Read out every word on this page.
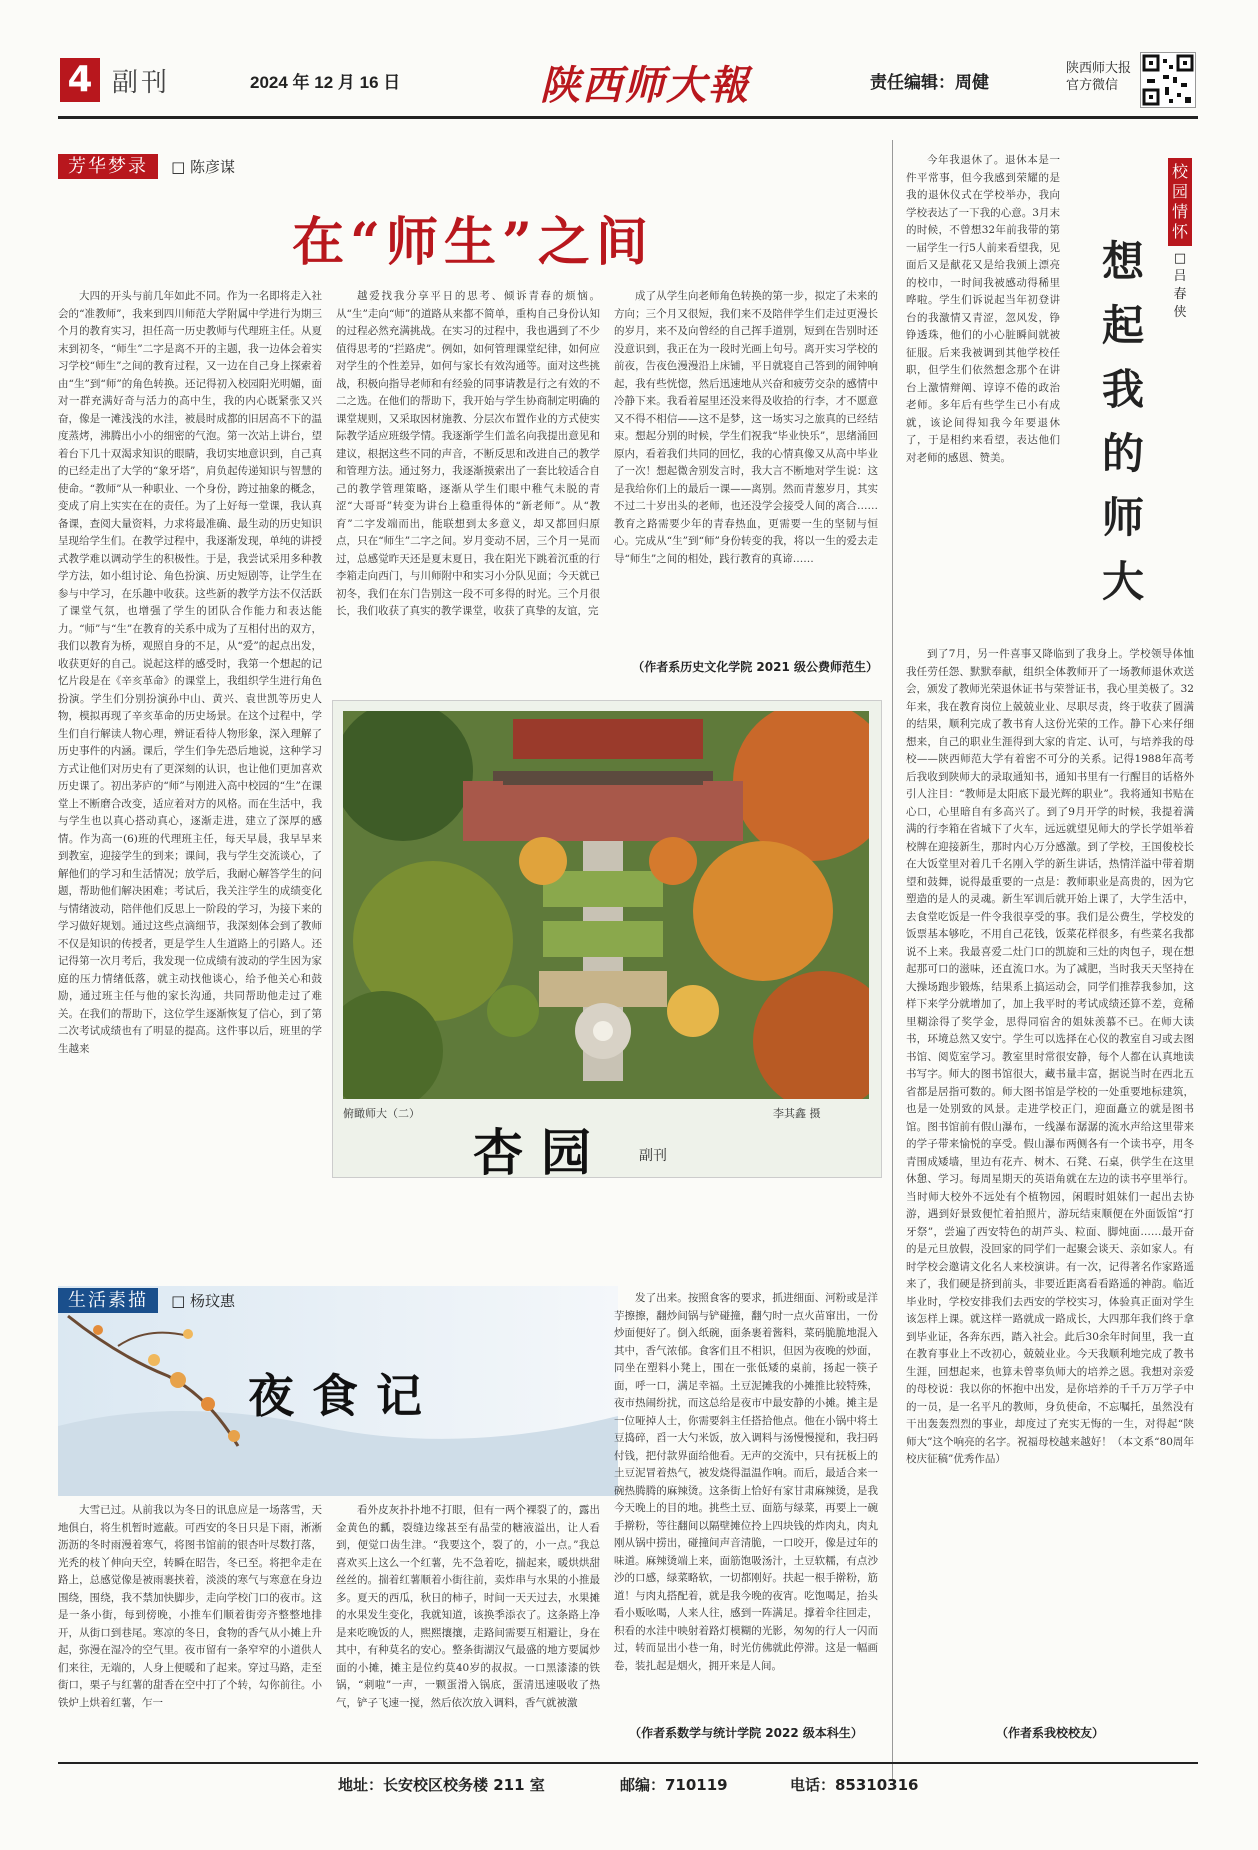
4 副刊	2024 年 12 月 16 日	陕西师大報	责任编辑：周健
陕西师大报 官方微信
芳华梦录 □ 陈彦谋
在“师生”之间
大四的开头与前几年如此不同。作为一名即将走入社会的“准教师”，我来到四川师范大学附属中学进行为期三个月的教育实习，担任高一历史教师与代理班主任。从夏末到初冬，“师生”二字是离不开的主题，我一边体会着实习学校“师生”之间的教育过程，又一边在自己身上探索着由“生”到“师”的角色转换。还记得初入校园阳光明媚，面对一群充满好奇与活力的高中生，我的内心既紧张又兴奋，像是一滩浅浅的水洼，被晨时成都的旧居高不下的温度蒸烤，沸腾出小小的细密的气泡。第一次站上讲台，望着台下几十双渴求知识的眼睛，我切实地意识到，自己真的已经走出了大学的“象牙塔”，肩负起传递知识与智慧的使命。“教师”从一种职业、一个身份，跨过抽象的概念，变成了肩上实实在在的责任。为了上好每一堂课，我认真备课，查阅大量资料，力求将最准确、最生动的历史知识呈现给学生们。在教学过程中，我逐渐发现，单纯的讲授式教学难以调动学生的积极性。于是，我尝试采用多种教学方法，如小组讨论、角色扮演、历史短剧等，让学生在参与中学习，在乐趣中收获。这些新的教学方法不仅活跃了课堂气氛，也增强了学生的团队合作能力和表达能力。“师”与“生”在教育的关系中成为了互相付出的双方，我们以教育为桥，观照自身的不足，从“爱”的起点出发，收获更好的自己。说起这样的感受时，我第一个想起的记忆片段是在《辛亥革命》的课堂上，我组织学生进行角色扮演。学生们分别扮演孙中山、黄兴、袁世凯等历史人物，模拟再现了辛亥革命的历史场景。在这个过程中，学生们自行解读人物心理，辨证看待人物形象，深入理解了历史事件的内涵。课后，学生们争先恐后地说，这种学习方式让他们对历史有了更深刻的认识，也让他们更加喜欢历史课了。初出茅庐的“师”与刚进入高中校园的“生”在课堂上不断磨合改变，适应着对方的风格。而在生活中，我与学生也以真心搭动真心，逐渐走进，建立了深厚的感情。作为高一(6)班的代理班主任，每天早晨，我早早来到教室，迎接学生的到来；课间，我与学生交流谈心，了解他们的学习和生活情况；放学后，我耐心解答学生的问题，帮助他们解决困难；考试后，我关注学生的成绩变化与情绪波动，陪伴他们反思上一阶段的学习，为接下来的学习做好规划。通过这些点滴细节，我深刻体会到了教师不仅是知识的传授者，更是学生人生道路上的引路人。还记得第一次月考后，我发现一位成绩有波动的学生因为家庭的压力情绪低落，就主动找他谈心，给予他关心和鼓励，通过班主任与他的家长沟通，共同帮助他走过了难关。在我们的帮助下，这位学生逐渐恢复了信心，到了第二次考试成绩也有了明显的提高。这件事以后，班里的学生越来
越爱找我分享平日的思考、倾诉青春的烦恼。从“生”走向“师”的道路从来都不简单，重构自己身份认知的过程必然充满挑战。在实习的过程中，我也遇到了不少值得思考的“拦路虎”。例如，如何管理课堂纪律，如何应对学生的个性差异，如何与家长有效沟通等。面对这些挑战，积极向指导老师和有经验的同事请教是行之有效的不二之选。在他们的帮助下，我开始与学生协商制定明确的课堂规则，又采取因材施教、分层次布置作业的方式使实际教学适应班级学情。我逐渐学生们盖名向我提出意见和建议，根据这些不同的声音，不断反思和改进自己的教学和管理方法。通过努力，我逐渐摸索出了一套比较适合自己的教学管理策略，逐渐从学生们眼中稚气未脱的青涩“大哥哥”转变为讲台上稳重得体的“新老师”。从“教育”二字发端而出，能联想到太多意义，却又都回归原点，只在“师生”二字之间。岁月变动不居，三个月一晃而过，总感觉昨天还是夏末夏日，我在阳光下跳着沉重的行李箱走向西门，与川师附中和实习小分队见面；今天就已初冬，我们在东门告别这一段不可多得的时光。三个月很长，我们收获了真实的教学课堂，收获了真挚的友谊，完
成了从学生向老师角色转换的第一步，拟定了未来的方向；三个月又很短，我们来不及陪伴学生们走过更漫长的岁月，来不及向曾经的自己挥手道别，短到在告别时还没意识到，我正在为一段时光画上句号。离开实习学校的前夜，告夜色漫漫沿上床铺，平日就寝自己答到的闹钟响起，我有些恍惚，然后迅速地从兴奋和疲劳交杂的感情中冷静下来。我看着屋里还没来得及收拾的行李，才不愿意又不得不相信——这不是梦，这一场实习之旅真的已经结束。想起分别的时候，学生们祝我“毕业快乐”，思绪涌回原内，看着我们共同的回忆，我的心情真像又从高中毕业了一次！想起微舍别发言时，我大言不断地对学生说：这是我给你们上的最后一课——离别。然而青葱岁月，其实不过二十岁出头的老师，也还没学会接受人间的离合……教育之路需要少年的青春热血，更需要一生的坚韧与恒心。完成从“生”到“师”身份转变的我，将以一生的爱去走导“师生”之间的相处，践行教育的真谛……
（作者系历史文化学院 2021 级公费师范生）
俯瞰师大（二）	李其鑫 摄
杏园 副刊
校园情怀
□ 吕春侠
想起我的师大
今年我退休了。退休本是一件平常事，但今我感到荣耀的是我的退休仪式在学校举办，我向学校表达了一下我的心意。3月末的时候，不曾想32年前我带的第一届学生一行5人前来看望我，见面后又是献花又是给我颁上漂亮的校巾，一时间我被感动得稀里哗啦。学生们诉说起当年初登讲台的我激情又青涩，忽风发，铮铮透珠，他们的小心脏瞬间就被征服。后来我被调到其他学校任职，但学生们依然想念那个在讲台上激情辩阐、谆谆不倦的政治老师。多年后有些学生已小有成就，该论间得知我今年要退休了，于是相约来看望，表达他们对老师的感恩、赞美。
到了7月，另一件喜事又降临到了我身上。学校领导体恤我任劳任怨、默默奉献，组织全体教师开了一场教师退休欢送会，颁发了教师光荣退休证书与荣誉证书，我心里美极了。32年来，我在教育岗位上兢兢业业、尽职尽责，终于收获了圆满的结果，顺利完成了教书育人这份光荣的工作。静下心来仔细想来，自己的职业生涯得到大家的肯定、认可，与培养我的母校——陕西师范大学有着密不可分的关系。记得1988年高考后我收到陕师大的录取通知书，通知书里有一行醒目的话格外引人注目：“教师是太阳底下最光辉的职业”。我将通知书贴在心口，心里暗自有多高兴了。到了9月开学的时候，我提着满满的行李箱在省城下了火车，远远就望见师大的学长学姐举着校牌在迎接新生，那时内心万分感激。到了学校，王国俊校长在大饭堂里对着几千名刚入学的新生讲话，热情洋溢中带着期望和鼓舞，说得最重要的一点是：教师职业是高贵的，因为它塑造的是人的灵魂。新生军训后就开始上课了，大学生活中，去食堂吃饭是一件令我很享受的事。我们是公费生，学校发的饭票基本够吃，不用自己花钱，饭菜花样很多，有些菜名我都说不上来。我最喜爱二灶门口的凯旋和三灶的肉包子，现在想起那可口的滋味，还直流口水。为了减肥，当时我天天坚持在大操场跑步锻炼，结果系上搞运动会，同学们推荐我参加，这样下来学分就增加了，加上我平时的考试成绩还算不差，竟稀里糊涂得了奖学金，思得同宿舍的姐妹羡慕不已。在师大读书，环境总然又安宁。学生可以选择在心仪的教室自习或去图书馆、阅览室学习。教室里时常很安静，每个人都在认真地读书写字。师大的图书馆很大，藏书量丰富，据说当时在西北五省都是居指可数的。师大图书馆是学校的一处重要地标建筑，也是一处别致的风景。走进学校正门，迎面矗立的就是图书馆。图书馆前有假山瀑布，一线瀑布潺潺的流水声给这里带来的学子带来愉悦的享受。假山瀑布两侧各有一个读书亭，用冬青围成矮墙，里边有花卉、树木、石凳、石桌，供学生在这里休憩、学习。每周星期天的英语角就在左边的读书亭里举行。当时师大校外不远处有个植物园，闲暇时姐妹们一起出去协游，遇到好景致便忙着拍照片，游玩结束顺便在外面饭馆“打牙祭”，尝遍了西安特色的胡芦头、粒面、脚炖面……最开奋的是元旦放假，没回家的同学们一起聚会谈天、亲如家人。有时学校会邀请文化名人来校演讲。有一次，记得著名作家路遥来了，我们硬是挤到前头，非要近距离看看路遥的神韵。临近毕业时，学校安排我们去西安的学校实习，体验真正面对学生该怎样上课。就这样一路就成一路成长，大四那年我们终于拿到毕业证，各奔东西，踏入社会。此后30余年时间里，我一直在教育事业上不改初心，兢兢业业。今天我顺利地完成了教书生涯，回想起来，也算未曾辜负师大的培养之恩。我想对亲爱的母校说：我以你的怀抱中出发，是你培养的千千万万学子中的一员，是一名平凡的教师，身负使命，不忘嘱托，虽然没有干出轰轰烈烈的事业，却度过了充实无悔的一生，对得起“陕师大”这个响亮的名字。祝福母校越来越好！（本文系“80周年校庆征稿”优秀作品）
（作者系我校校友）
生活素描 □ 杨玟惠
夜食记
大雪已过。从前我以为冬日的讯息应是一场落雪，天地俱白，将生机暂时遮蔽。可西安的冬日只是下雨，淅淅沥沥的冬时雨漫着寒气，将图书馆前的银杏叶尽数打落，光秃的枝丫伸向天空，转瞬在昭告，冬已至。将把伞走在路上，总感觉像是被雨裹挟着，淡淡的寒气与寒意在身边围绕，围绕，我不禁加快脚步，走向学校门口的夜市。这是一条小街，每到傍晚，小推车们顺着街旁齐整整地排开，从街口到巷尾。寒凉的冬日，食物的香气从小摊上升起，弥漫在湿冷的空气里。夜市留有一条窄窄的小道供人们来往，无端的，人身上便暖和了起来。穿过马路，走至街口，栗子与红薯的甜香在空中打了个转，勾你前往。小铁炉上烘着红薯，乍一
看外皮灰扑扑地不打眼，但有一两个裸裂了的，露出金黄色的瓤，裂缝边缘甚至有晶莹的糖液溢出，让人看到，便觉口齿生津。“我要这个，裂了的，小一点。”我总喜欢买上这么一个红薯，先不急着吃，揣起来，暖烘烘甜丝丝的。揣着红薯顺着小街往前，卖炸串与水果的小推最多。夏天的西瓜，秋日的柿子，时间一天天过去，水果摊的水果发生变化，我就知道，该换季添衣了。这条路上净是来吃晚饭的人，熙熙攘攘，走路间需要互相避让，身在其中，有种莫名的安心。整条街湖汉气最盛的地方要属炒面的小摊，摊主是位约莫40岁的叔叔。一口黑漆漆的铁锅，“刺啦”一声，一颗蛋滑入锅底，蛋清迅速吸收了热气，铲子飞速一搅，然后依次放入调料，香气就被激
发了出来。按照食客的要求，抓进细面、河粉或是洋芋擦擦，翻炒间锅与铲碰撞，翻勺时一点火苗窜出，一份炒面便好了。倒入纸碗，面条裹着酱料，菜码脆脆地混入其中，香气浓郁。食客们且不相识，但因为夜晚的炒面，同坐在塑料小凳上，围在一张低矮的桌前，扬起一筷子面，呼一口，满足幸福。土豆泥摊我的小摊推比较特殊，夜市热闹纷扰，而这总给是夜市中最安静的小摊。摊主是一位哑掉人士，你需要斜主任搭拾他点。他在小锅中将土豆捣碎，舀一大勺米饭，放入调料与汤慢慢搅和，我扫码付钱，把付款界面给他看。无声的交流中，只有抚板上的土豆泥冒着热气，被发烧得温温作响。而后，最适合来一碗热腾腾的麻辣烫。这条街上恰好有家甘肃麻辣烫，是我今天晚上的目的地。挑些土豆、面筋与绿菜，再要上一碗手擀粉，等往翻间以隔壁摊位拎上四块钱的炸肉丸，肉丸刚从锅中捞出，碰撞间声音清脆，一口咬开，像是过年的味道。麻辣烫端上来，面筋饱吸汤汁，土豆软糯，有点沙沙的口感，绿菜略软，一切都刚好。扶起一根手擀粉，筋道！与肉丸搭配着，就是我今晚的夜宵。吃饱喝足，抬头看小贩吆喝，人来人往，感到一阵满足。撑着伞往回走，积看的水洼中映射着路灯模糊的光影，匆匆的行人一闪而过，转而显出小巷一角，时光仿佛就此停滞。这是一幅画卷，装扎起是烟火，拥开来是人间。
（作者系数学与统计学院 2022 级本科生）
地址：长安校区校务楼 211 室	邮编：710119	电话：85310316
